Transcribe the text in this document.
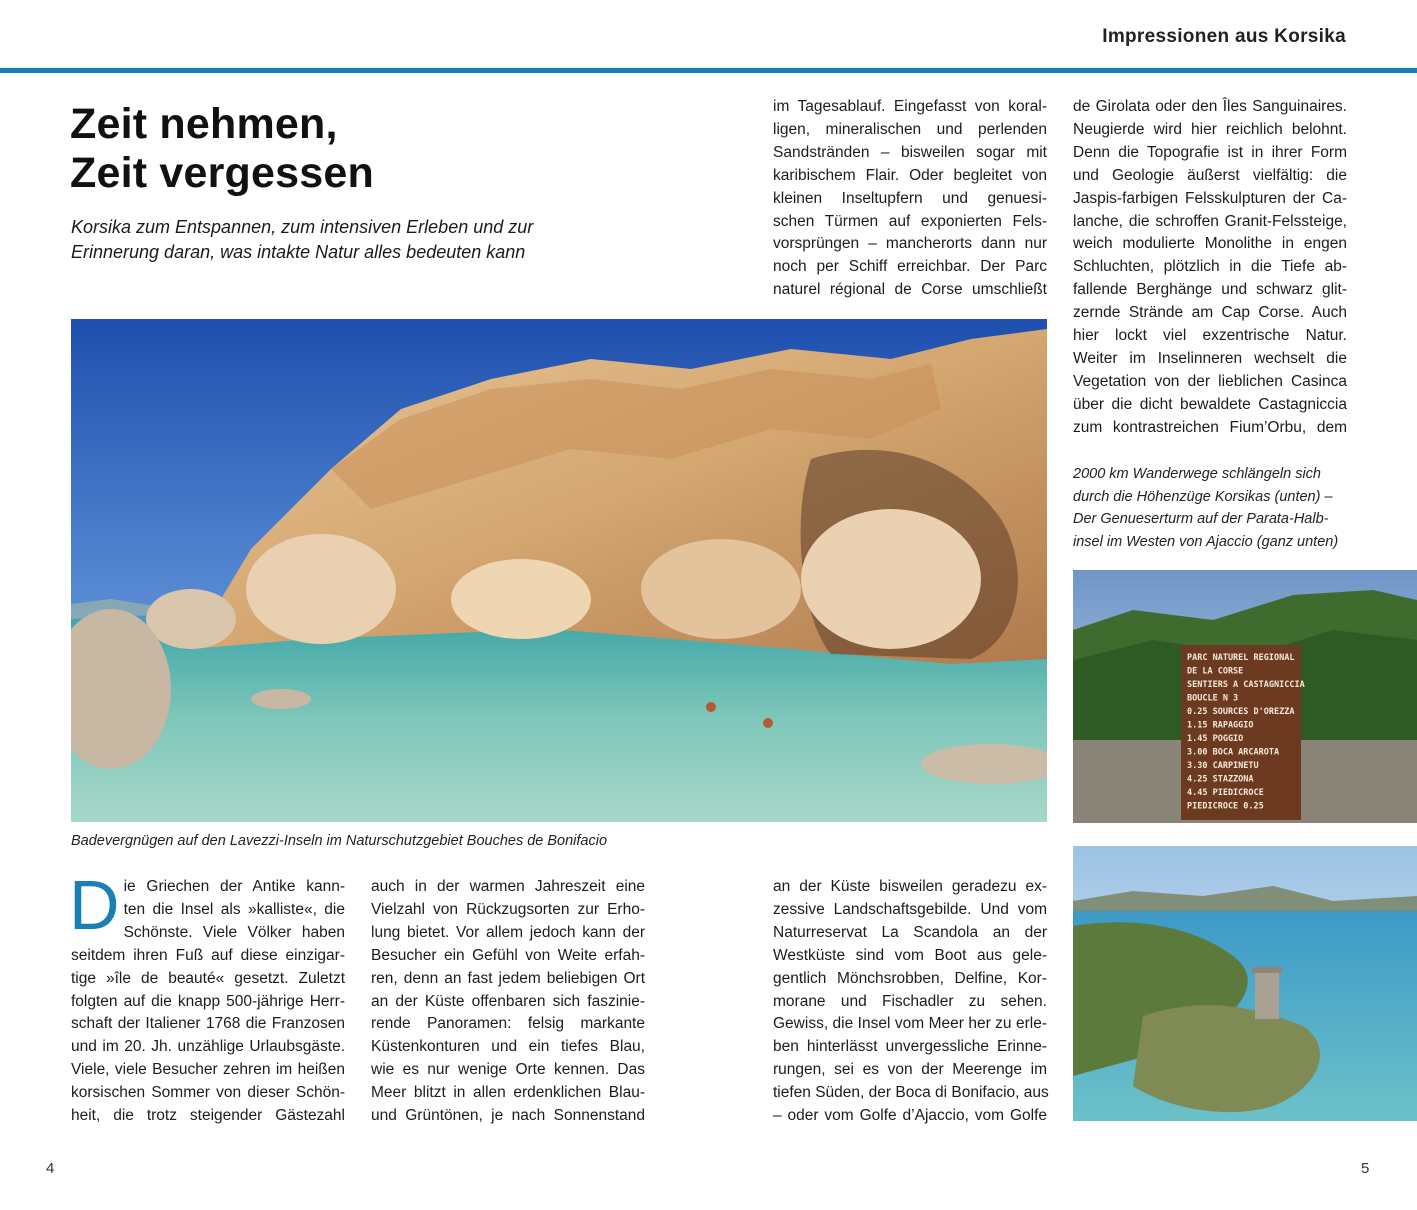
Impressionen aus Korsika
Zeit nehmen,
Zeit vergessen
Korsika zum Entspannen, zum intensiven Erleben und zur
Erinnerung daran, was intakte Natur alles bedeuten kann
im Tagesablauf. Eingefasst von koral-
ligen, mineralischen und perlenden
Sandstränden – bisweilen sogar mit
karibischem Flair. Oder begleitet von
kleinen Inseltupfern und genuesi-
schen Türmen auf exponierten Fels-
vorsprüngen – mancherorts dann nur
noch per Schiff erreichbar. Der Parc
naturel régional de Corse umschließt
de Girolata oder den Îles Sanguinaires.
Neugierde wird hier reichlich belohnt.
Denn die Topografie ist in ihrer Form
und Geologie äußerst vielfältig: die
Jaspis-farbigen Felsskulpturen der Ca-
lanche, die schroffen Granit-Felssteige,
weich modulierte Monolithe in engen
Schluchten, plötzlich in die Tiefe ab-
fallende Berghänge und schwarz glit-
zernde Strände am Cap Corse. Auch
hier lockt viel exzentrische Natur.
Weiter im Inselinneren wechselt die
Vegetation von der lieblichen Casinca
über die dicht bewaldete Castagniccia
zum kontrastreichen Fium’Orbu, dem
2000 km Wanderwege schlängeln sich
durch die Höhenzüge Korsikas (unten) –
Der Genueserturm auf der Parata-Halb-
insel im Westen von Ajaccio (ganz unten)
Badevergnügen auf den Lavezzi-Inseln im Naturschutzgebiet Bouches de Bonifacio
PARC NATUREL REGIONAL
DE LA CORSE
SENTIERS A CASTAGNICCIA
BOUCLE N 3
0.25 SOURCES D'OREZZA
1.15 RAPAGGIO
1.45 POGGIO
3.00 BOCA ARCAROTA
3.30 CARPINETU
4.25 STAZZONA
4.45 PIEDICROCE
PIEDICROCE 0.25
D ie Griechen der Antike kann-
ten die Insel als »kalliste«, die
Schönste. Viele Völker haben
seitdem ihren Fuß auf diese einzigar-
tige »île de beauté« gesetzt. Zuletzt
folgten auf die knapp 500-jährige Herr-
schaft der Italiener 1768 die Franzosen
und im 20. Jh. unzählige Urlaubsgäste.
Viele, viele Besucher zehren im heißen
korsischen Sommer von dieser Schön-
heit, die trotz steigender Gästezahl
auch in der warmen Jahreszeit eine
Vielzahl von Rückzugsorten zur Erho-
lung bietet. Vor allem jedoch kann der
Besucher ein Gefühl von Weite erfah-
ren, denn an fast jedem beliebigen Ort
an der Küste offenbaren sich faszinie-
rende Panoramen: felsig markante
Küstenkonturen und ein tiefes Blau,
wie es nur wenige Orte kennen. Das
Meer blitzt in allen erdenklichen Blau-
und Grüntönen, je nach Sonnenstand
an der Küste bisweilen geradezu ex-
zessive Landschaftsgebilde. Und vom
Naturreservat La Scandola an der
Westküste sind vom Boot aus gele-
gentlich Mönchsrobben, Delfine, Kor-
morane und Fischadler zu sehen.
Gewiss, die Insel vom Meer her zu erle-
ben hinterlässt unvergessliche Erinne-
rungen, sei es von der Meerenge im
tiefen Süden, der Boca di Bonifacio, aus
– oder vom Golfe d’Ajaccio, vom Golfe
4	5
